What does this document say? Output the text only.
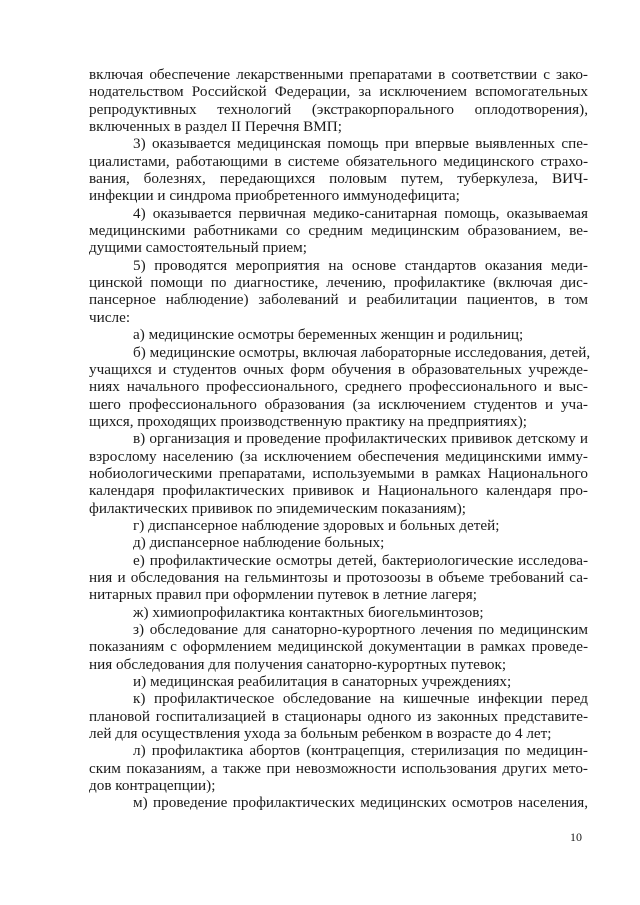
включая обеспечение лекарственными препаратами в соответствии с зако-
нодательством Российской Федерации, за исключением вспомогательных
репродуктивных технологий (экстракорпорального оплодотворения),
включенных в раздел II Перечня ВМП;
3) оказывается медицинская помощь при впервые выявленных спе-
циалистами, работающими в системе обязательного медицинского страхо-
вания, болезнях, передающихся половым путем, туберкулеза, ВИЧ-
инфекции и синдрома приобретенного иммунодефицита;
4) оказывается первичная медико-санитарная помощь, оказываемая
медицинскими работниками со средним медицинским образованием, ве-
дущими самостоятельный прием;
5) проводятся мероприятия на основе стандартов оказания меди-
цинской помощи по диагностике, лечению, профилактике (включая дис-
пансерное наблюдение) заболеваний и реабилитации пациентов, в том
числе:
а) медицинские осмотры беременных женщин и родильниц;
б) медицинские осмотры, включая лабораторные исследования, детей,
учащихся и студентов очных форм обучения в образовательных учрежде-
ниях начального профессионального, среднего профессионального и выс-
шего профессионального образования (за исключением студентов и уча-
щихся, проходящих производственную практику на предприятиях);
в) организация и проведение профилактических прививок детскому и
взрослому населению (за исключением обеспечения медицинскими имму-
нобиологическими препаратами, используемыми в рамках Национального
календаря профилактических прививок и Национального календаря про-
филактических прививок по эпидемическим показаниям);
г) диспансерное наблюдение здоровых и больных детей;
д) диспансерное наблюдение больных;
е) профилактические осмотры детей, бактериологические исследова-
ния и обследования на гельминтозы и протозоозы в объеме требований са-
нитарных правил при оформлении путевок в летние лагеря;
ж) химиопрофилактика контактных биогельминтозов;
з) обследование для санаторно-курортного лечения по медицинским
показаниям с оформлением медицинской документации в рамках проведе-
ния обследования для получения санаторно-курортных путевок;
и) медицинская реабилитация в санаторных учреждениях;
к) профилактическое обследование на кишечные инфекции перед
плановой госпитализацией в стационары одного из законных представите-
лей для осуществления ухода за больным ребенком в возрасте до 4 лет;
л) профилактика абортов (контрацепция, стерилизация по медицин-
ским показаниям, а также при невозможности использования других мето-
дов контрацепции);
м) проведение профилактических медицинских осмотров населения,
10
